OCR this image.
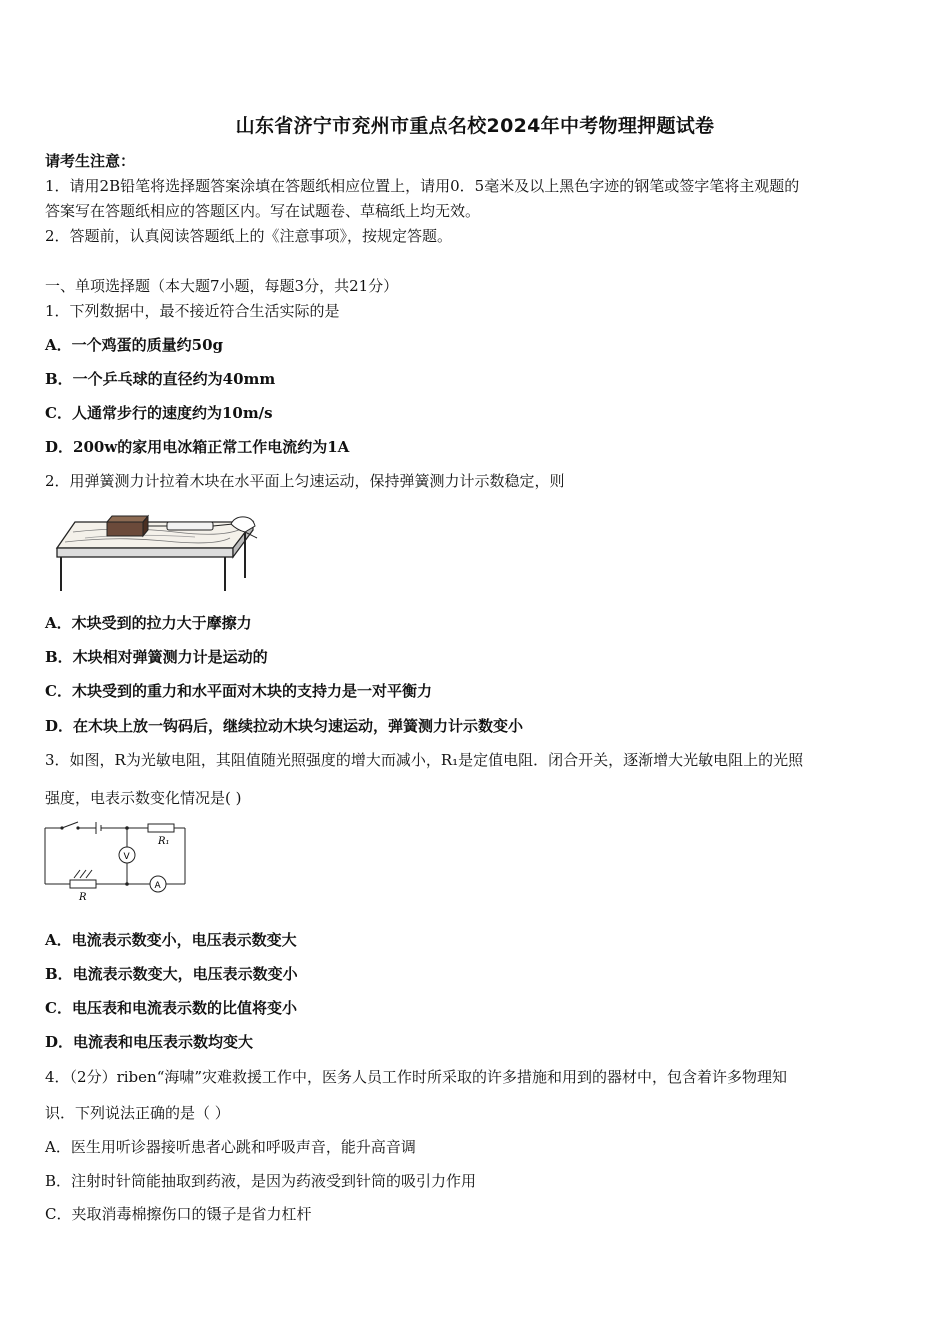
山东省济宁市兖州市重点名校2024年中考物理押题试卷
请考生注意：
1．请用2B铅笔将选择题答案涂填在答题纸相应位置上，请用0．5毫米及以上黑色字迹的钢笔或签字笔将主观题的
答案写在答题纸相应的答题区内。写在试题卷、草稿纸上均无效。
2．答题前，认真阅读答题纸上的《注意事项》，按规定答题。
一、单项选择题（本大题7小题，每题3分，共21分）
1．下列数据中，最不接近符合生活实际的是
A．一个鸡蛋的质量约50g
B．一个乒乓球的直径约为40mm
C．人通常步行的速度约为10m/s
D．200w的家用电冰箱正常工作电流约为1A
2．用弹簧测力计拉着木块在水平面上匀速运动，保持弹簧测力计示数稳定，则
A．木块受到的拉力大于摩擦力
B．木块相对弹簧测力计是运动的
C．木块受到的重力和水平面对木块的支持力是一对平衡力
D．在木块上放一钩码后，继续拉动木块匀速运动，弹簧测力计示数变小
3．如图，R为光敏电阻，其阻值随光照强度的增大而减小，R₁是定值电阻．闭合开关，逐渐增大光敏电阻上的光照
强度，电表示数变化情况是( )
R₁
R
V
A
A．电流表示数变小，电压表示数变大
B．电流表示数变大，电压表示数变小
C．电压表和电流表示数的比值将变小
D．电流表和电压表示数均变大
4．（2分）riben“海啸”灾难救援工作中，医务人员工作时所采取的许多措施和用到的器材中，包含着许多物理知
识．下列说法正确的是（ ）
A．医生用听诊器接听患者心跳和呼吸声音，能升高音调
B．注射时针筒能抽取到药液，是因为药液受到针筒的吸引力作用
C．夹取消毒棉擦伤口的镊子是省力杠杆
